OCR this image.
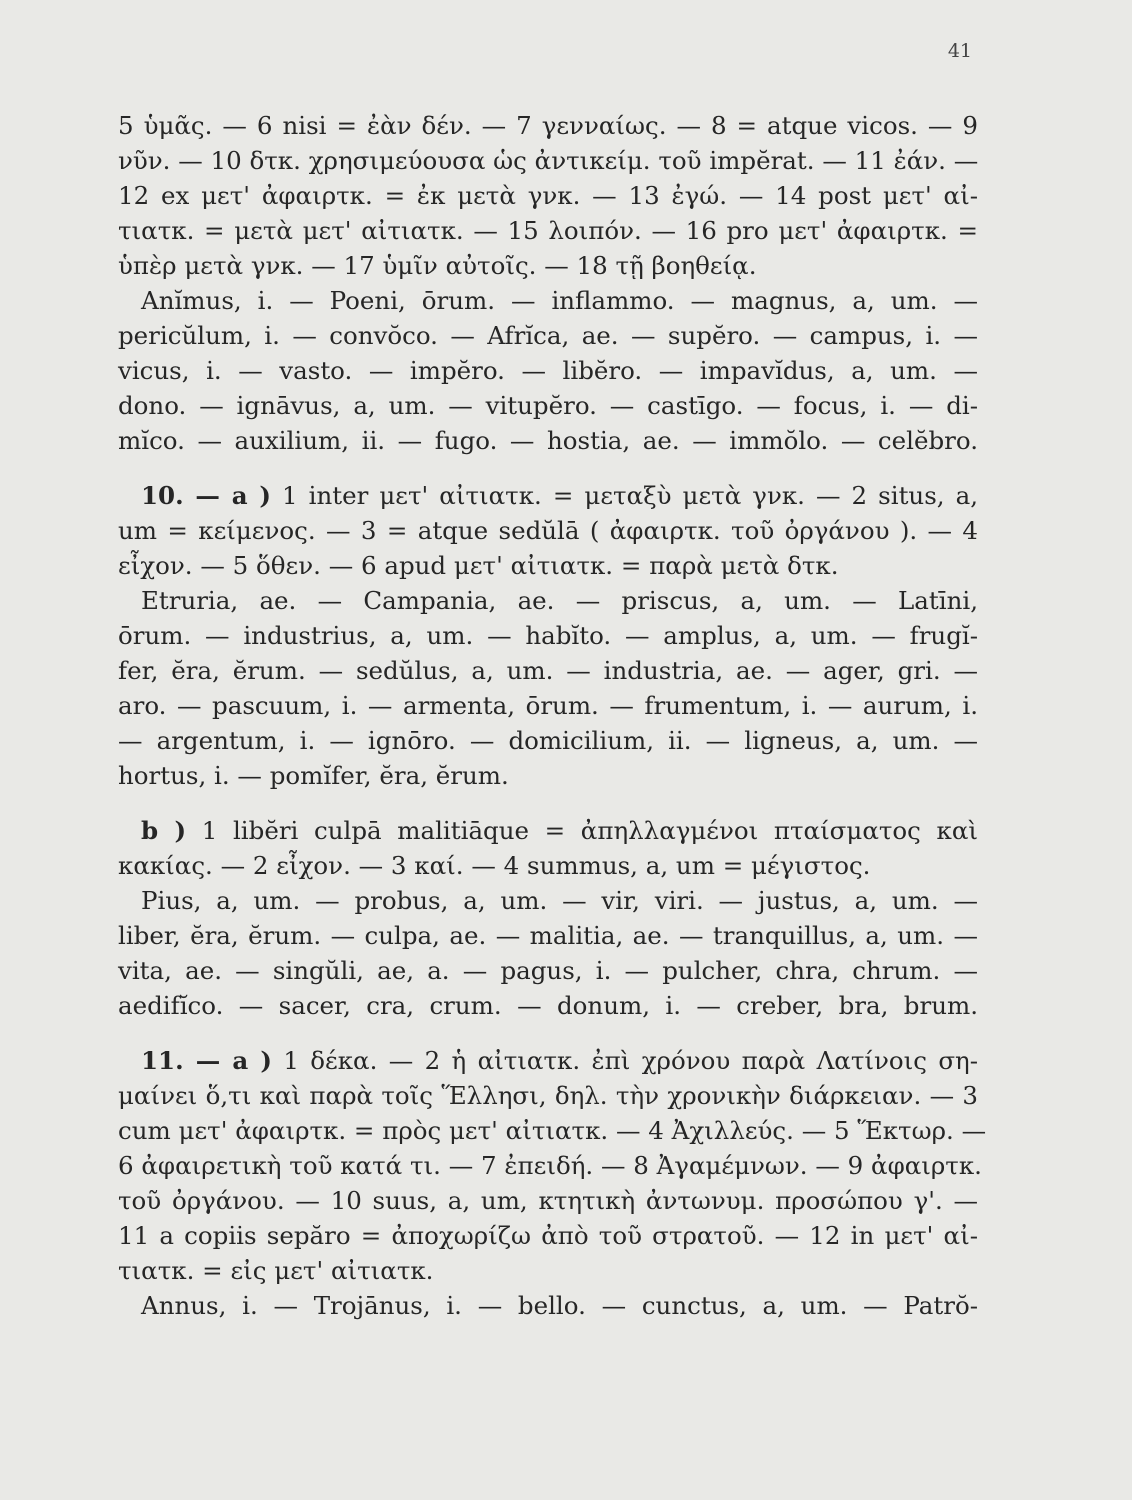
41
5 ὑμᾶς. — 6 nisi = ἐὰν δέν. — 7 γενναίως. — 8 = atque vicos. — 9
νῦν. — 10 δτκ. χρησιμεύουσα ὡς ἀντικείμ. τοῦ impĕrat. — 11 ἐάν. —
12 ex μετ' ἀφαιρτκ. = ἐκ μετὰ γνκ. — 13 ἐγώ. — 14 post μετ' αἰ-
τιατκ. = μετὰ μετ' αἰτιατκ. — 15 λοιπόν. — 16 pro μετ' ἀφαιρτκ. =
ὑπὲρ μετὰ γνκ. — 17 ὑμῖν αὐτοῖς. — 18 τῇ βοηθείᾳ.
Anĭmus, i. — Poeni, ōrum. — inflammo. — magnus, a, um. —
pericŭlum, i. — convŏco. — Afrĭca, ae. — supĕro. — campus, i. —
vicus, i. — vasto. — impĕro. — libĕro. — impavĭdus, a, um. —
dono. — ignāvus, a, um. — vitupĕro. — castīgo. — focus, i. — di-
mĭco. — auxilium, ii. — fugo. — hostia, ae. — immŏlo. — celĕbro.
10. — a ) 1 inter μετ' αἰτιατκ. = μεταξὺ μετὰ γνκ. — 2 situs, a,
um = κείμενος. — 3 = atque sedŭlā ( ἀφαιρτκ. τοῦ ὀργάνου ). — 4
εἶχον. — 5 ὅθεν. — 6 apud μετ' αἰτιατκ. = παρὰ μετὰ δτκ.
Etruria, ae. — Campania, ae. — priscus, a, um. — Latīni,
ōrum. — industrius, a, um. — habĭto. — amplus, a, um. — frugĭ-
fer, ĕra, ĕrum. — sedŭlus, a, um. — industria, ae. — ager, gri. —
aro. — pascuum, i. — armenta, ōrum. — frumentum, i. — aurum, i.
— argentum, i. — ignōro. — domicilium, ii. — ligneus, a, um. —
hortus, i. — pomĭfer, ĕra, ĕrum.
b ) 1 libĕri culpā malitiāque = ἀπηλλαγμένοι πταίσματος καὶ
κακίας. — 2 εἶχον. — 3 καί. — 4 summus, a, um = μέγιστος.
Pius, a, um. — probus, a, um. — vir, viri. — justus, a, um. —
liber, ĕra, ĕrum. — culpa, ae. — malitia, ae. — tranquillus, a, um. —
vita, ae. — singŭli, ae, a. — pagus, i. — pulcher, chra, chrum. —
aedifĭco. — sacer, cra, crum. — donum, i. — creber, bra, brum.
11. — a ) 1 δέκα. — 2 ἡ αἰτιατκ. ἐπὶ χρόνου παρὰ Λατίνοις ση-
μαίνει ὅ,τι καὶ παρὰ τοῖς Ἕλλησι, δηλ. τὴν χρονικὴν διάρκειαν. — 3
cum μετ' ἀφαιρτκ. = πρὸς μετ' αἰτιατκ. — 4 Ἀχιλλεύς. — 5 Ἕκτωρ. —
6 ἀφαιρετικὴ τοῦ κατά τι. — 7 ἐπειδή. — 8 Ἀγαμέμνων. — 9 ἀφαιρτκ.
τοῦ ὀργάνου. — 10 suus, a, um, κτητικὴ ἀντωνυμ. προσώπου γ'. —
11 a copiis sepăro = ἀποχωρίζω ἀπὸ τοῦ στρατοῦ. — 12 in μετ' αἰ-
τιατκ. = εἰς μετ' αἰτιατκ.
Annus, i. — Trojānus, i. — bello. — cunctus, a, um. — Patrŏ-
